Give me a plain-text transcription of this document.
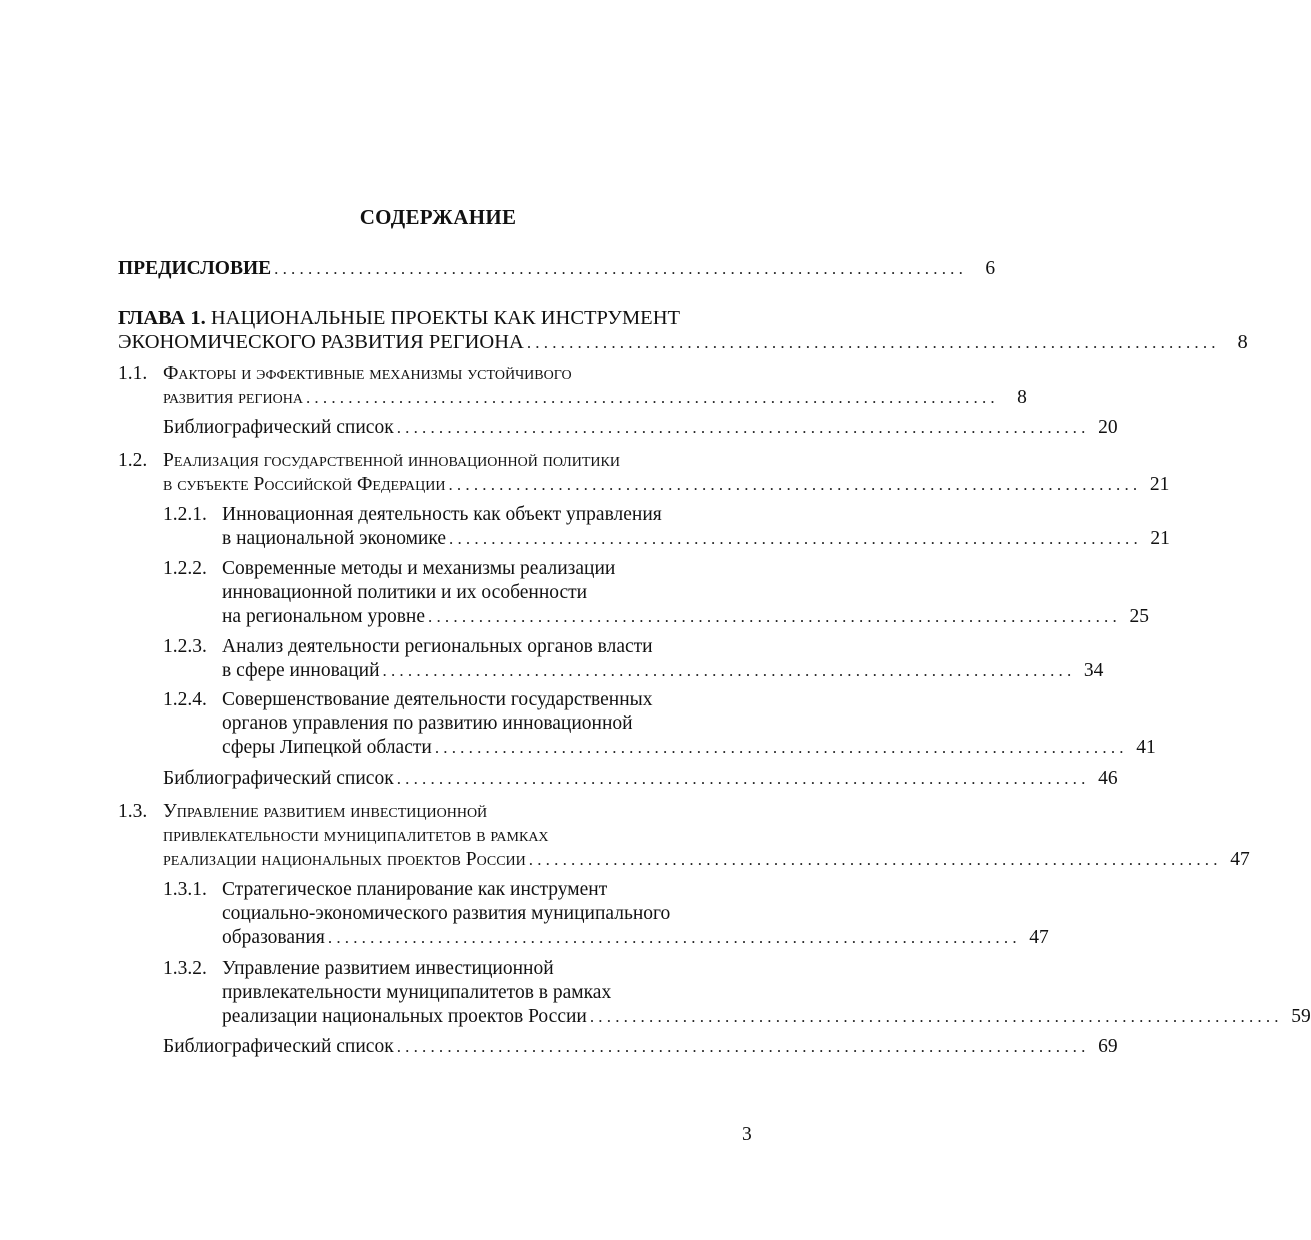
СОДЕРЖАНИЕ
ПРЕДИСЛОВИЕ .................................................................................. 6
ГЛАВА 1.
НАЦИОНАЛЬНЫЕ ПРОЕКТЫ КАК ИНСТРУМЕНТ
ЭКОНОМИЧЕСКОГО РАЗВИТИЯ РЕГИОНА .................................................................................. 8
1.1. Факторы и эффективные механизмы устойчивого
развития региона .................................................................................. 8
Библиографический список .................................................................................. 20
1.2. Реализация государственной инновационной политики
в субъекте Российской Федерации .................................................................................. 21
1.2.1. Инновационная деятельность как объект управления
в национальной экономике .................................................................................. 21
1.2.2. Современные методы и механизмы реализации
инновационной политики и их особенности
на региональном уровне .................................................................................. 25
1.2.3. Анализ деятельности региональных органов власти
в сфере инноваций .................................................................................. 34
1.2.4. Совершенствование деятельности государственных
органов управления по развитию инновационной
сферы Липецкой области .................................................................................. 41
Библиографический список .................................................................................. 46
1.3. Управление развитием инвестиционной
привлекательности муниципалитетов в рамках
реализации национальных проектов России .................................................................................. 47
1.3.1. Стратегическое планирование как инструмент
социально-экономического развития муниципального
образования .................................................................................. 47
1.3.2. Управление развитием инвестиционной
привлекательности муниципалитетов в рамках
реализации национальных проектов России .................................................................................. 59
Библиографический список .................................................................................. 69
3
